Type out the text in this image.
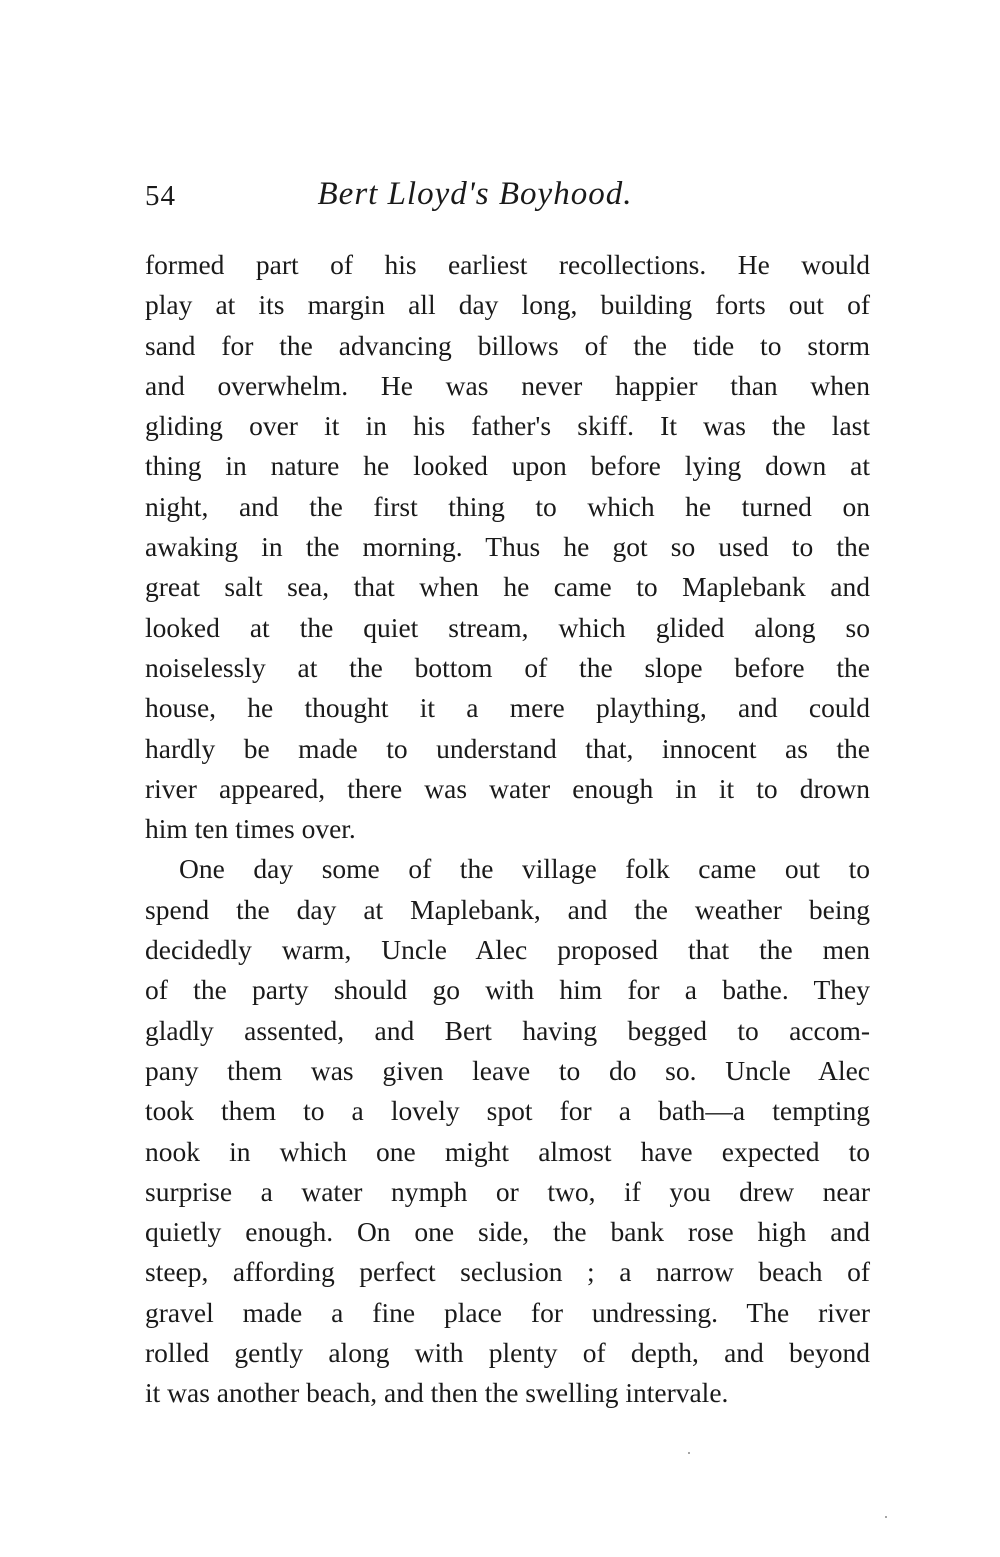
54	Bert Lloyd's Boyhood.
formed part of his earliest recollections. He would
play at its margin all day long, building forts out of
sand for the advancing billows of the tide to storm
and overwhelm. He was never happier than when
gliding over it in his father's skiff. It was the last
thing in nature he looked upon before lying down at
night, and the first thing to which he turned on
awaking in the morning. Thus he got so used to the
great salt sea, that when he came to Maplebank and
looked at the quiet stream, which glided along so
noiselessly at the bottom of the slope before the
house, he thought it a mere plaything, and could
hardly be made to understand that, innocent as the
river appeared, there was water enough in it to drown
him ten times over.
One day some of the village folk came out to
spend the day at Maplebank, and the weather being
decidedly warm, Uncle Alec proposed that the men
of the party should go with him for a bathe. They
gladly assented, and Bert having begged to accom-
pany them was given leave to do so. Uncle Alec
took them to a lovely spot for a bath—a tempting
nook in which one might almost have expected to
surprise a water nymph or two, if you drew near
quietly enough. On one side, the bank rose high and
steep, affording perfect seclusion ; a narrow beach of
gravel made a fine place for undressing. The river
rolled gently along with plenty of depth, and beyond
it was another beach, and then the swelling intervale.
